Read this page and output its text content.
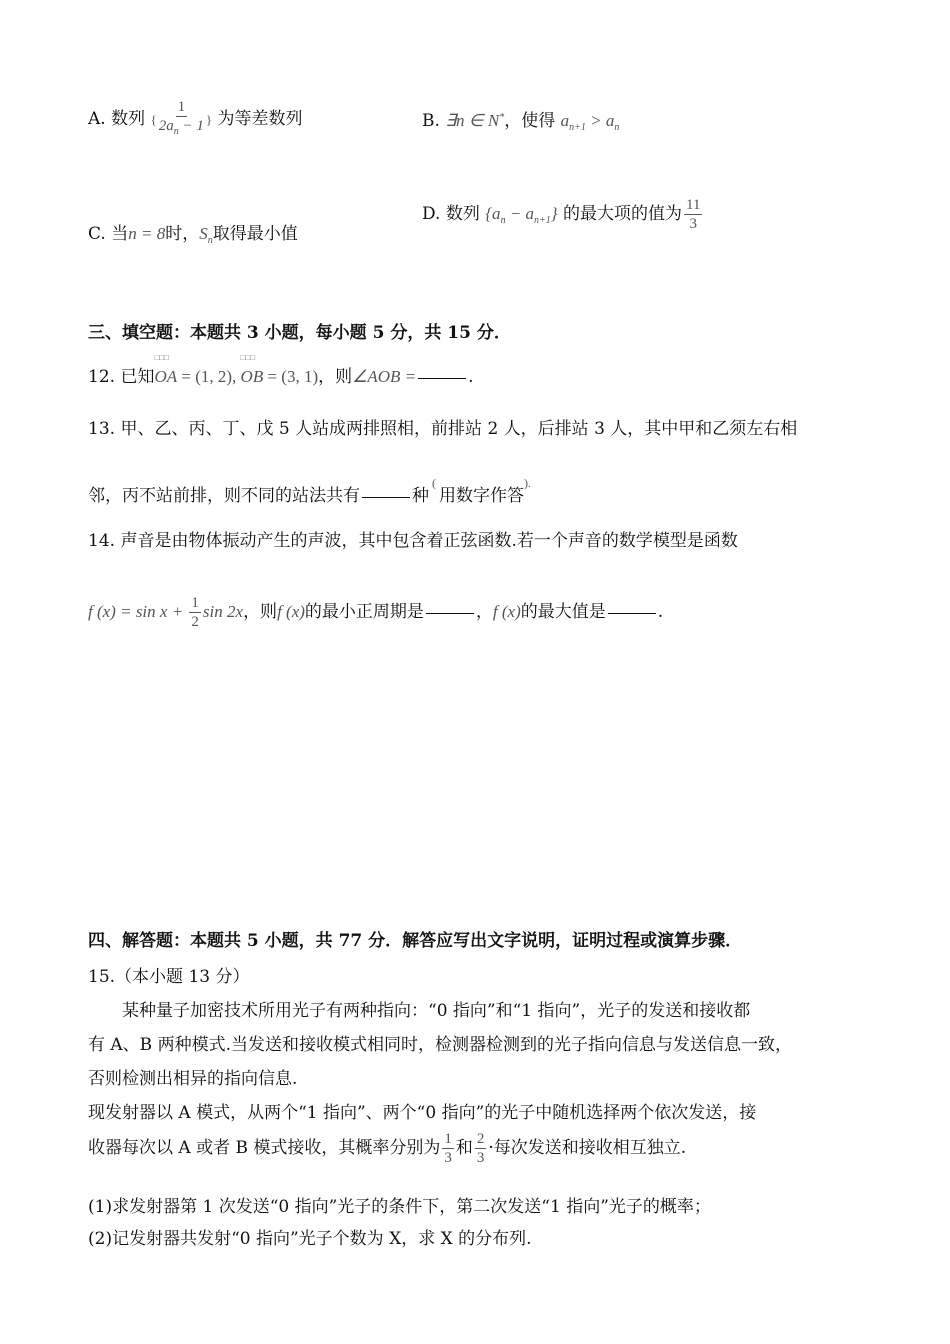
A. 数列 { $\frac{1}{2a_n - 1}$ } 为等差数列	B. ∃n ∈ N*，使得 $a_{n+1} > a_n$
C. 当n = 8时，$S_n$取得最小值
D. 数列 $\{a_n - a_{n+1}\}$ 的最大项的值为 $\frac{11}{3}$
三、填空题：本题共 3 小题，每小题 5 分，共 15 分．
12. 已知□□□ OA = (1, 2), □□□ OB = (3, 1)，则∠AOB =	.
13. 甲、乙、丙、丁、戊 5 人站成两排照相，前排站 2 人，后排站 3 人，其中甲和乙须左右相
邻，丙不站前排，则不同的站法共有	种(用数字作答).
14. 声音是由物体振动产生的声波，其中包含着正弦函数.若一个声音的数学模型是函数
f $(x) = \sin x + \frac{1}{2}$ sin 2x，则f (x)的最小正周期是	，f (x)的最大值是	.
四、解答题：本题共 5 小题，共 77 分．解答应写出文字说明，证明过程或演算步骤．
15.（本小题 13 分）
某种量子加密技术所用光子有两种指向：“0 指向”和“1 指向”，光子的发送和接收都
有 A、B 两种模式.当发送和接收模式相同时，检测器检测到的光子指向信息与发送信息一致，
否则检测出相异的指向信息.
现发射器以 A 模式，从两个“1 指向”、两个“0 指向”的光子中随机选择两个依次发送，接
收器每次以 A 或者 B 模式接收，其概率分别为 $\frac{1}{3}$ 和 $\frac{2}{3}$ ·每次发送和接收相互独立.
(1)求发射器第 1 次发送“0 指向”光子的条件下，第二次发送“1 指向”光子的概率；
(2)记发射器共发射“0 指向”光子个数为 X，求 X 的分布列.
